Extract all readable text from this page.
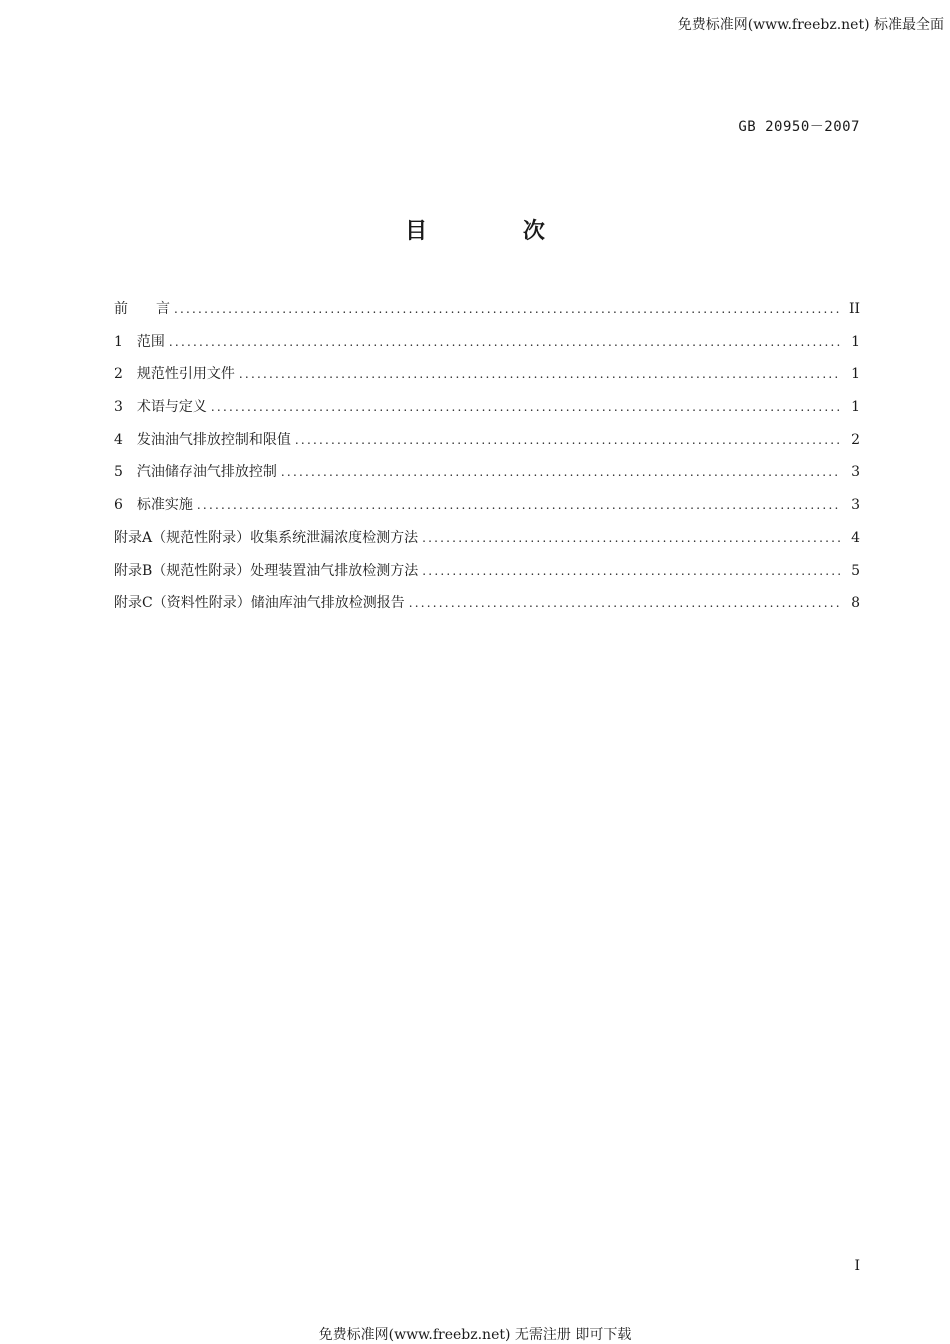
免费标准网(www.freebz.net) 标准最全面
GB 20950－2007
目 次
前　　言 .....	II
1　范围 .....	1
2　规范性引用文件 .....	1
3　术语与定义 .....	1
4　发油油气排放控制和限值 .....	2
5　汽油储存油气排放控制 .....	3
6　标准实施 .....	3
附录A（规范性附录）收集系统泄漏浓度检测方法 .....	4
附录B（规范性附录）处理装置油气排放检测方法 .....	5
附录C（资料性附录）储油库油气排放检测报告 .....	8
I
免费标准网(www.freebz.net) 无需注册 即可下载
